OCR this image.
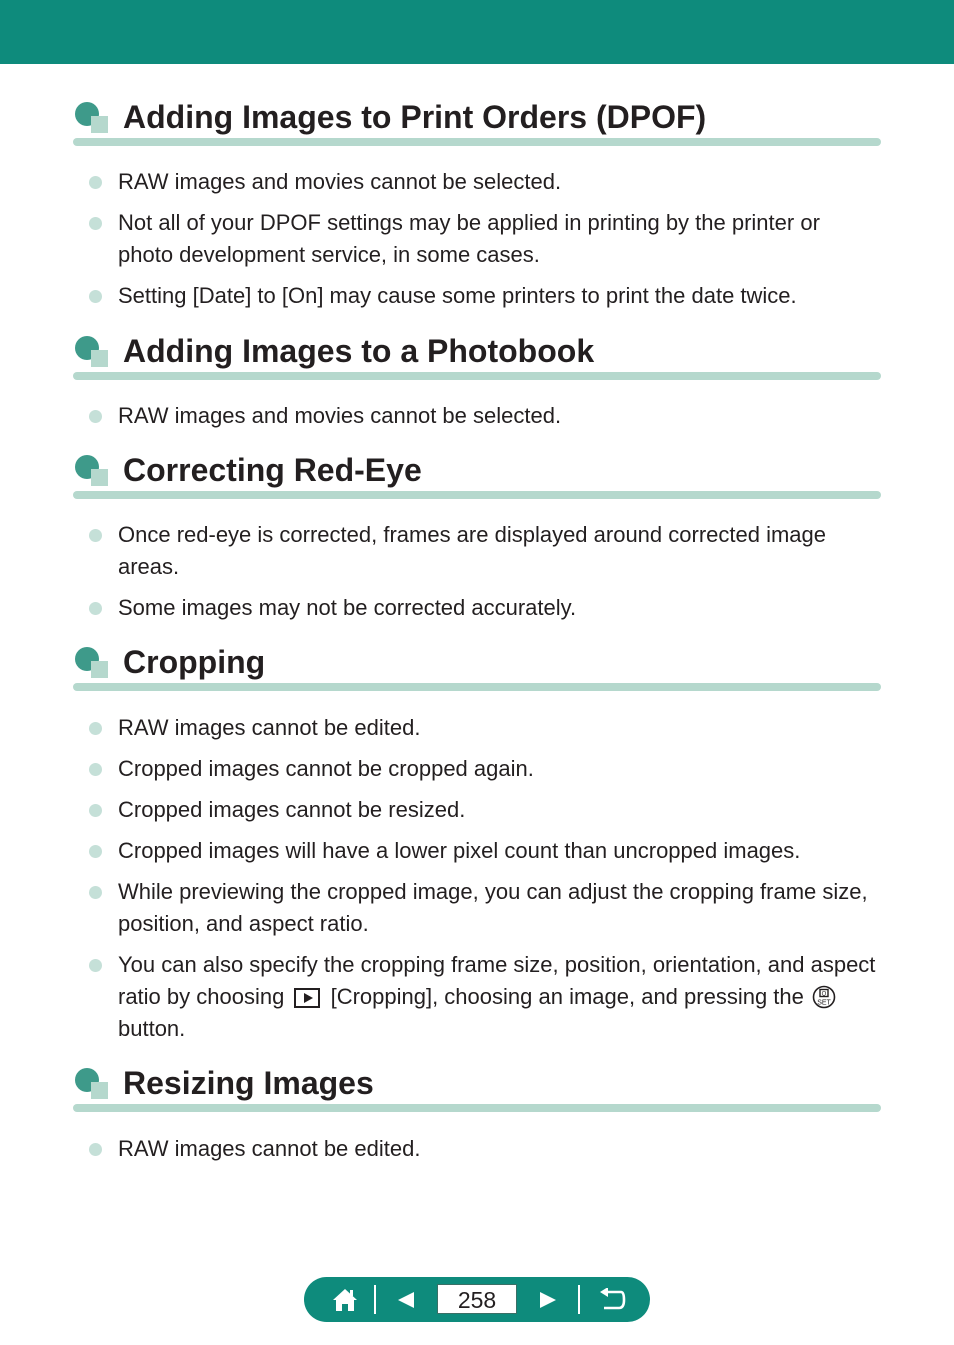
Adding Images to Print Orders (DPOF)
RAW images and movies cannot be selected.
Not all of your DPOF settings may be applied in printing by the printer or photo development service, in some cases.
Setting [Date] to [On] may cause some printers to print the date twice.
Adding Images to a Photobook
RAW images and movies cannot be selected.
Correcting Red-Eye
Once red-eye is corrected, frames are displayed around corrected image areas.
Some images may not be corrected accurately.
Cropping
RAW images cannot be edited.
Cropped images cannot be cropped again.
Cropped images cannot be resized.
Cropped images will have a lower pixel count than uncropped images.
While previewing the cropped image, you can adjust the cropping frame size, position, and aspect ratio.
You can also specify the cropping frame size, position, orientation, and aspect ratio by choosing [Cropping], choosing an image, and pressing the	Q
SET
button.
Resizing Images
RAW images cannot be edited.
258
